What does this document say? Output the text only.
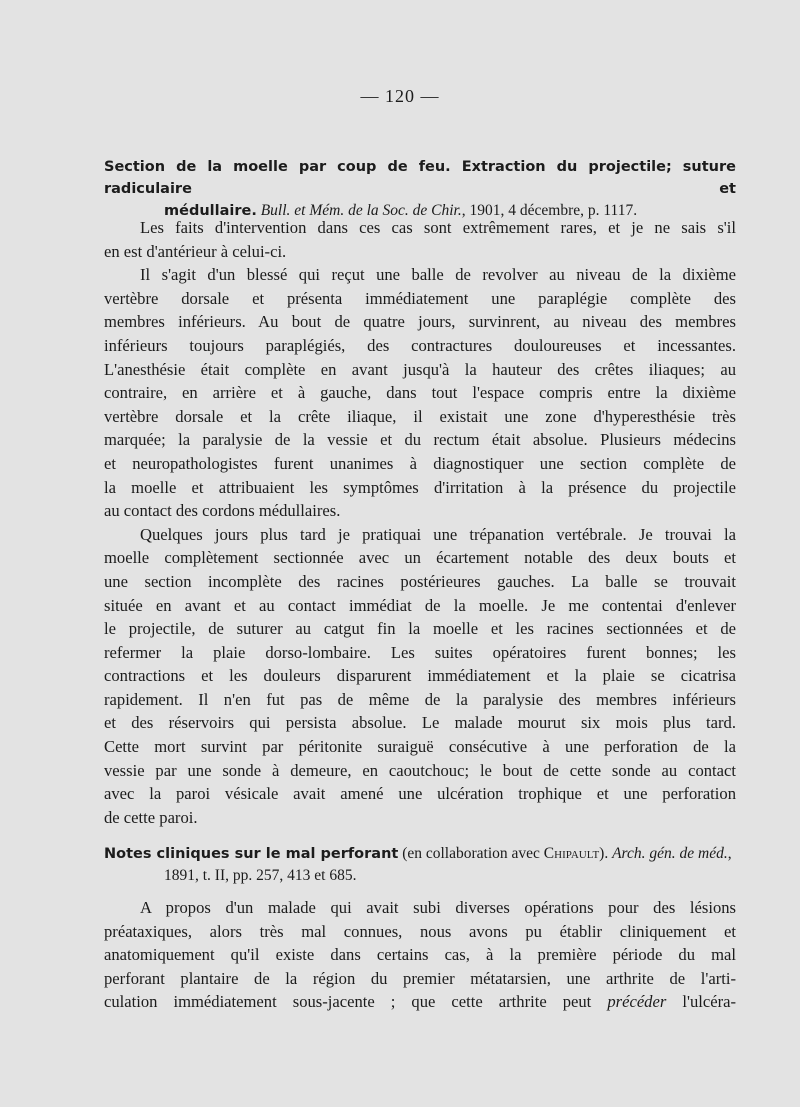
— 120 —
Section de la moelle par coup de feu. Extraction du projectile; suture radiculaire et
médullaire. Bull. et Mém. de la Soc. de Chir., 1901, 4 décembre, p. 1117.
Les faits d'intervention dans ces cas sont extrêmement rares, et je ne sais s'il
en est d'antérieur à celui-ci.
Il s'agit d'un blessé qui reçut une balle de revolver au niveau de la dixième
vertèbre dorsale et présenta immédiatement une paraplégie complète des
membres inférieurs. Au bout de quatre jours, survinrent, au niveau des membres
inférieurs toujours paraplégiés, des contractures douloureuses et incessantes.
L'anesthésie était complète en avant jusqu'à la hauteur des crêtes iliaques; au
contraire, en arrière et à gauche, dans tout l'espace compris entre la dixième
vertèbre dorsale et la crête iliaque, il existait une zone d'hyperesthésie très
marquée; la paralysie de la vessie et du rectum était absolue. Plusieurs médecins
et neuropathologistes furent unanimes à diagnostiquer une section complète de
la moelle et attribuaient les symptômes d'irritation à la présence du projectile
au contact des cordons médullaires.
Quelques jours plus tard je pratiquai une trépanation vertébrale. Je trouvai la
moelle complètement sectionnée avec un écartement notable des deux bouts et
une section incomplète des racines postérieures gauches. La balle se trouvait
située en avant et au contact immédiat de la moelle. Je me contentai d'enlever
le projectile, de suturer au catgut fin la moelle et les racines sectionnées et de
refermer la plaie dorso-lombaire. Les suites opératoires furent bonnes; les
contractions et les douleurs disparurent immédiatement et la plaie se cicatrisa
rapidement. Il n'en fut pas de même de la paralysie des membres inférieurs
et des réservoirs qui persista absolue. Le malade mourut six mois plus tard.
Cette mort survint par péritonite suraiguë consécutive à une perforation de la
vessie par une sonde à demeure, en caoutchouc; le bout de cette sonde au contact
avec la paroi vésicale avait amené une ulcération trophique et une perforation
de cette paroi.
Notes cliniques sur le mal perforant (en collaboration avec Chipault). Arch. gén. de méd.,
1891, t. II, pp. 257, 413 et 685.
A propos d'un malade qui avait subi diverses opérations pour des lésions
préataxiques, alors très mal connues, nous avons pu établir cliniquement et
anatomiquement qu'il existe dans certains cas, à la première période du mal
perforant plantaire de la région du premier métatarsien, une arthrite de l'arti-
culation immédiatement sous-jacente ; que cette arthrite peut précéder l'ulcéra-
